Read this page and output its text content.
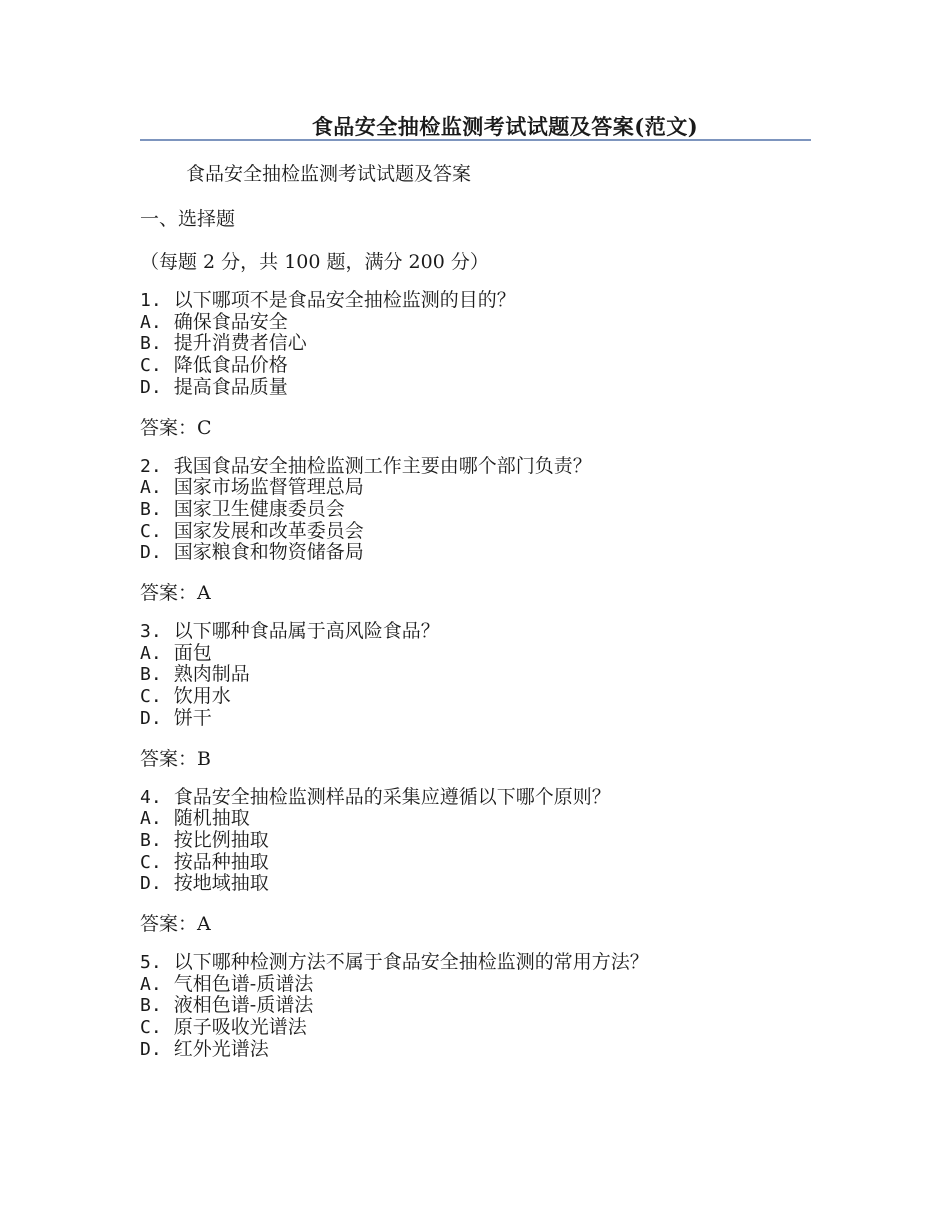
食品安全抽检监测考试试题及答案(范文)
食品安全抽检监测考试试题及答案
一、选择题
（每题 2 分，共 100 题，满分 200 分）
1. 以下哪项不是食品安全抽检监测的目的？
A. 确保食品安全
B. 提升消费者信心
C. 降低食品价格
D. 提高食品质量
答案：C
2. 我国食品安全抽检监测工作主要由哪个部门负责？
A. 国家市场监督管理总局
B. 国家卫生健康委员会
C. 国家发展和改革委员会
D. 国家粮食和物资储备局
答案：A
3. 以下哪种食品属于高风险食品？
A. 面包
B. 熟肉制品
C. 饮用水
D. 饼干
答案：B
4. 食品安全抽检监测样品的采集应遵循以下哪个原则？
A. 随机抽取
B. 按比例抽取
C. 按品种抽取
D. 按地域抽取
答案：A
5. 以下哪种检测方法不属于食品安全抽检监测的常用方法？
A. 气相色谱-质谱法
B. 液相色谱-质谱法
C. 原子吸收光谱法
D. 红外光谱法
